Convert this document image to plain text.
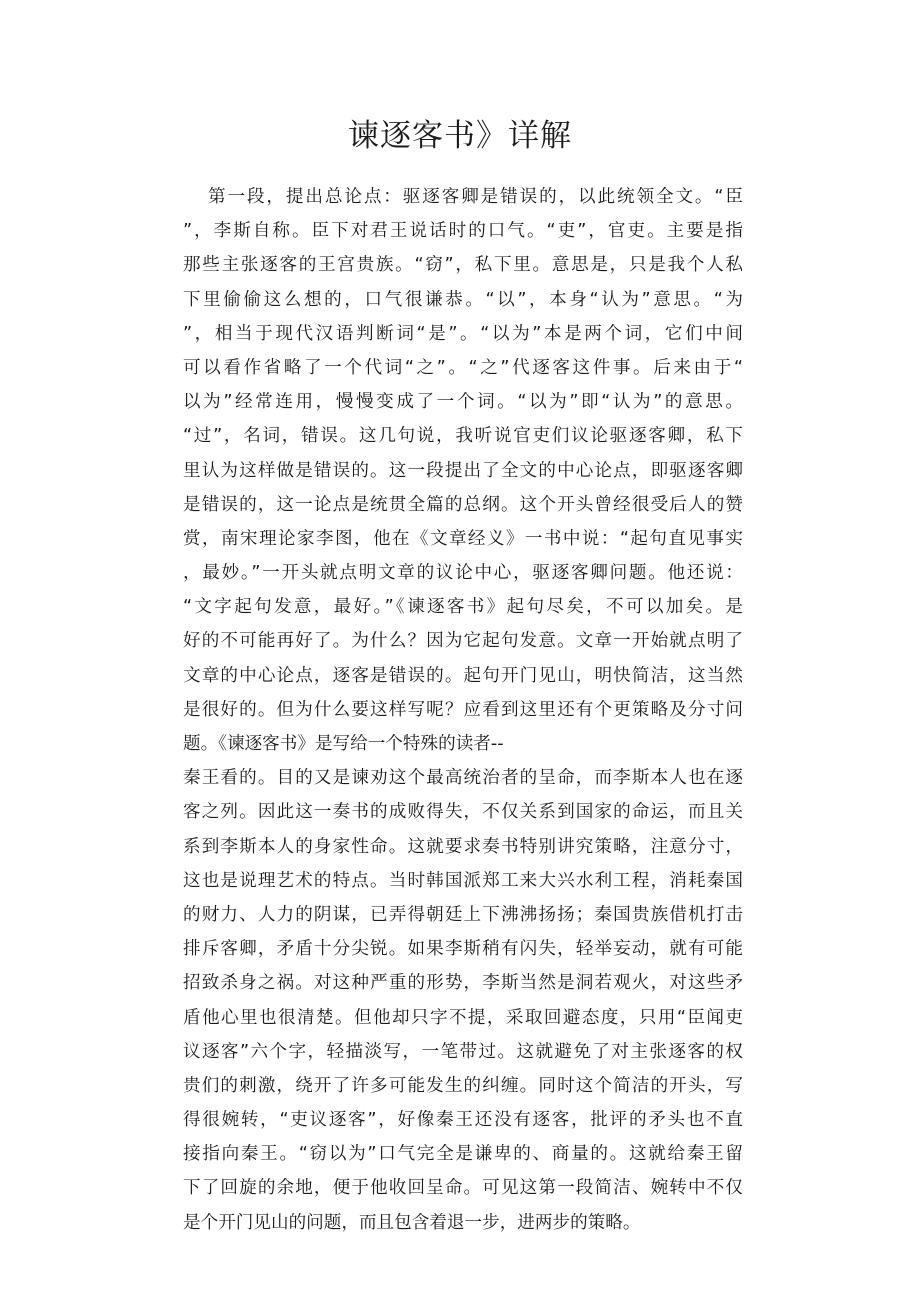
谏逐客书》详解
第一段，提出总论点：驱逐客卿是错误的，以此统领全文。“臣
”，李斯自称。臣下对君王说话时的口气。“吏”，官吏。主要是指
那些主张逐客的王宫贵族。“窃”，私下里。意思是，只是我个人私
下里偷偷这么想的，口气很谦恭。“以”，本身“认为”意思。“为
”，相当于现代汉语判断词“是”。“以为”本是两个词，它们中间
可以看作省略了一个代词“之”。“之”代逐客这件事。后来由于“
以为”经常连用，慢慢变成了一个词。“以为”即“认为”的意思。
“过”，名词，错误。这几句说，我听说官吏们议论驱逐客卿，私下
里认为这样做是错误的。这一段提出了全文的中心论点，即驱逐客卿
是错误的，这一论点是统贯全篇的总纲。这个开头曾经很受后人的赞
赏，南宋理论家李图，他在《文章经义》一书中说：“起句直见事实
，最妙。”一开头就点明文章的议论中心，驱逐客卿问题。他还说：
“文字起句发意，最好。”《谏逐客书》起句尽矣，不可以加矣。是
好的不可能再好了。为什么？因为它起句发意。文章一开始就点明了
文章的中心论点，逐客是错误的。起句开门见山，明快简洁，这当然
是很好的。但为什么要这样写呢？应看到这里还有个更策略及分寸问
题。《谏逐客书》是写给一个特殊的读者--
秦王看的。目的又是谏劝这个最高统治者的呈命，而李斯本人也在逐
客之列。因此这一奏书的成败得失，不仅关系到国家的命运，而且关
系到李斯本人的身家性命。这就要求奏书特别讲究策略，注意分寸，
这也是说理艺术的特点。当时韩国派郑工来大兴水利工程，消耗秦国
的财力、人力的阴谋，已弄得朝廷上下沸沸扬扬；秦国贵族借机打击
排斥客卿，矛盾十分尖锐。如果李斯稍有闪失，轻举妄动，就有可能
招致杀身之祸。对这种严重的形势，李斯当然是洞若观火，对这些矛
盾他心里也很清楚。但他却只字不提，采取回避态度，只用“臣闻吏
议逐客”六个字，轻描淡写，一笔带过。这就避免了对主张逐客的权
贵们的刺激，绕开了许多可能发生的纠缠。同时这个简洁的开头，写
得很婉转，“吏议逐客”，好像秦王还没有逐客，批评的矛头也不直
接指向秦王。“窃以为”口气完全是谦卑的、商量的。这就给秦王留
下了回旋的余地，便于他收回呈命。可见这第一段简洁、婉转中不仅
是个开门见山的问题，而且包含着退一步，进两步的策略。
